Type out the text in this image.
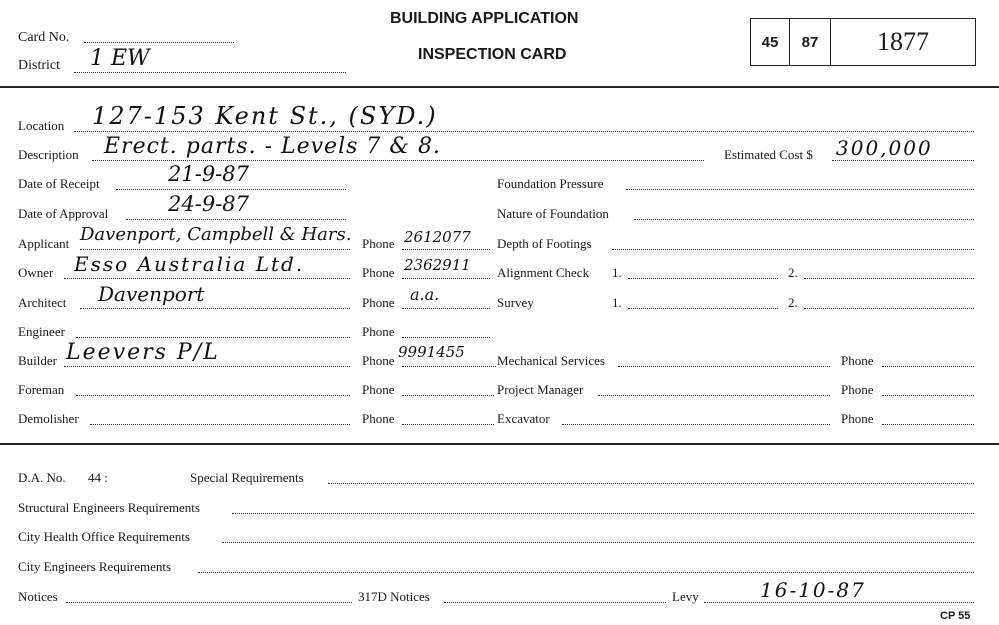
Card No.
District 1 EW
BUILDING APPLICATION
INSPECTION CARD
45	87	1877
Location 127-153 Kent St., (SYD.)
Description Erect. parts. - Levels 7 & 8.
Date of Receipt	21-9-87
Date of Approval	24-9-87
Applicant Davenport, Campbell & Hars. Phone 2612077
Owner Esso Australia Ltd.	Phone 2362911
Architect Davenport	Phone a.a.
Engineer	Phone
Builder Leevers P/L	Phone 9991455
Foreman	Phone
Demolisher	Phone
Estimated Cost $ 300,000
Foundation Pressure
Nature of Foundation
Depth of Footings
Alignment Check 1.	2.
Survey	1.	2.
Mechanical Services	Phone
Project Manager	Phone
Excavator	Phone
D.A. No. 44 :	Special Requirements
Structural Engineers Requirements
City Health Office Requirements
City Engineers Requirements
Notices	317D Notices	Levy	16-10-87
CP 55
